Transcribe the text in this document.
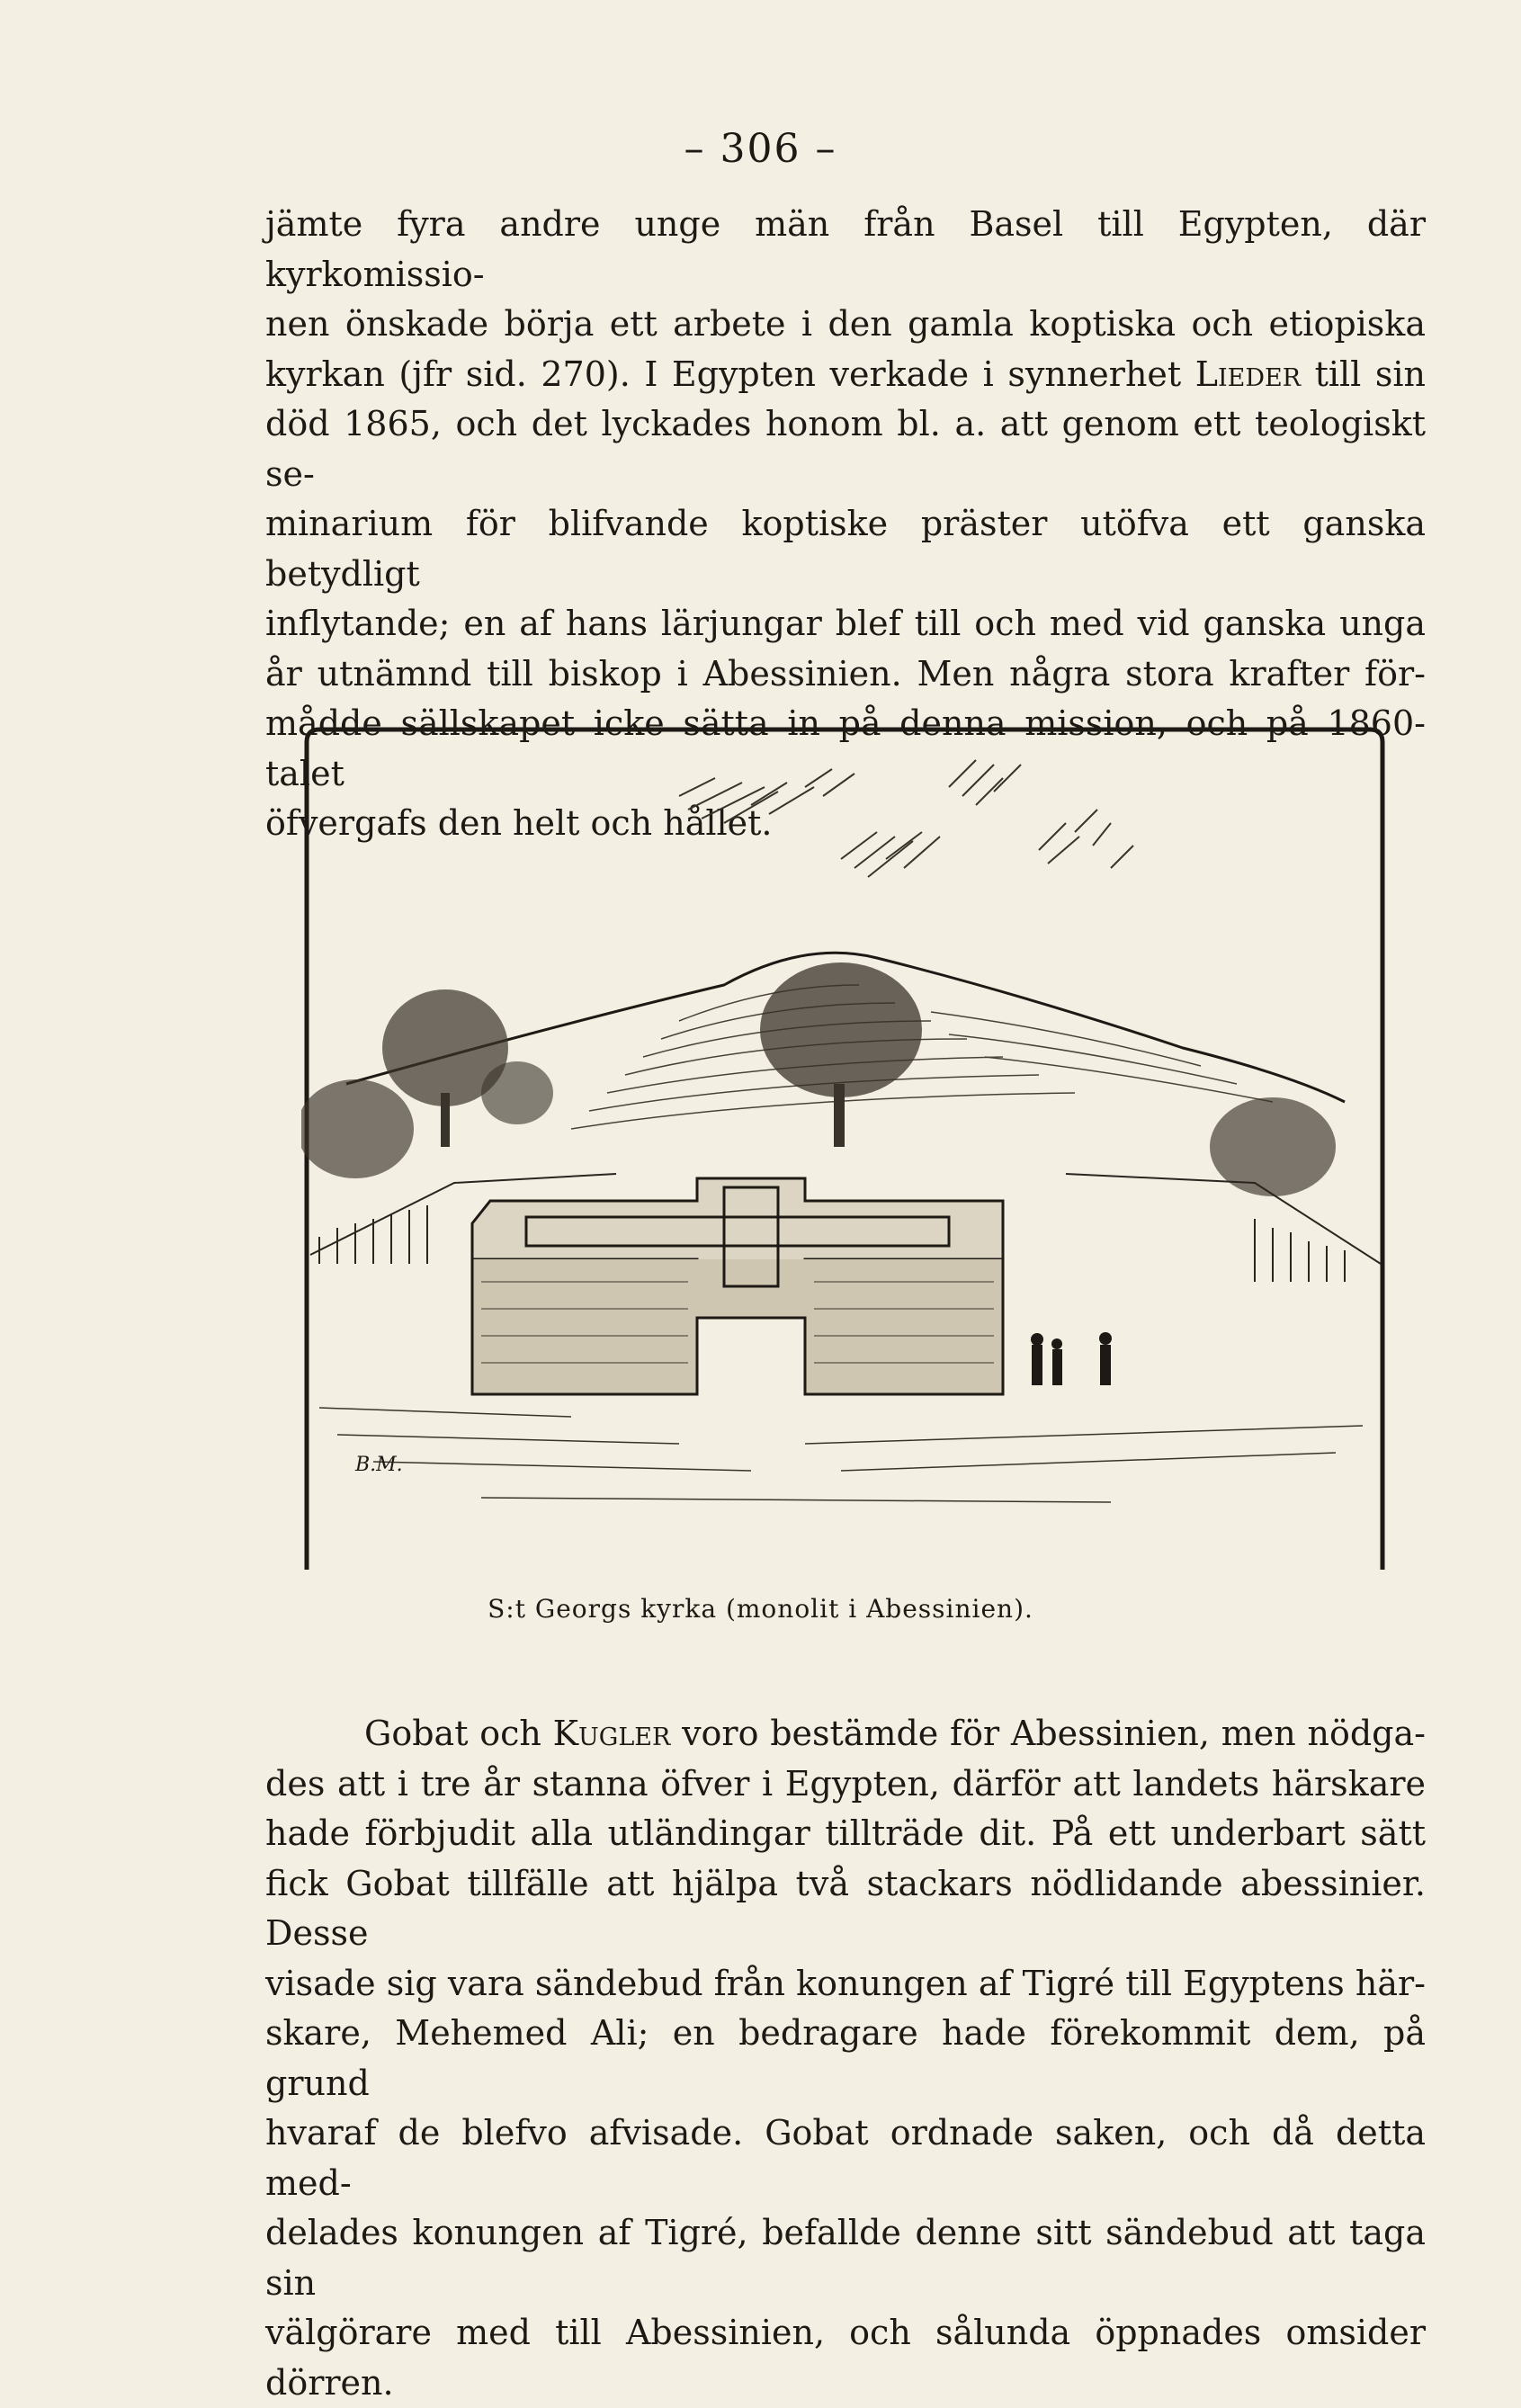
– 306 –
jämte fyra andre unge män från Basel till Egypten, där kyrkomissio-
nen önskade börja ett arbete i den gamla koptiska och etiopiska
kyrkan (jfr sid. 270). I Egypten verkade i synnerhet Lieder till sin
död 1865, och det lyckades honom bl. a. att genom ett teologiskt se-
minarium för blifvande koptiske präster utöfva ett ganska betydligt
inflytande; en af hans lärjungar blef till och med vid ganska unga
år utnämnd till biskop i Abessinien. Men några stora krafter för-
mådde sällskapet icke sätta in på denna mission, och på 1860-talet
öfvergafs den helt och hållet.
B.M.
S:t Georgs kyrka (monolit i Abessinien).
Gobat och Kugler voro bestämde för Abessinien, men nödga-
des att i tre år stanna öfver i Egypten, därför att landets härskare
hade förbjudit alla utländingar tillträde dit. På ett underbart sätt
fick Gobat tillfälle att hjälpa två stackars nödlidande abessinier. Desse
visade sig vara sändebud från konungen af Tigré till Egyptens här-
skare, Mehemed Ali; en bedragare hade förekommit dem, på grund
hvaraf de blefvo afvisade. Gobat ordnade saken, och då detta med-
delades konungen af Tigré, befallde denne sitt sändebud att taga sin
välgörare med till Abessinien, och sålunda öppnades omsider dörren.
